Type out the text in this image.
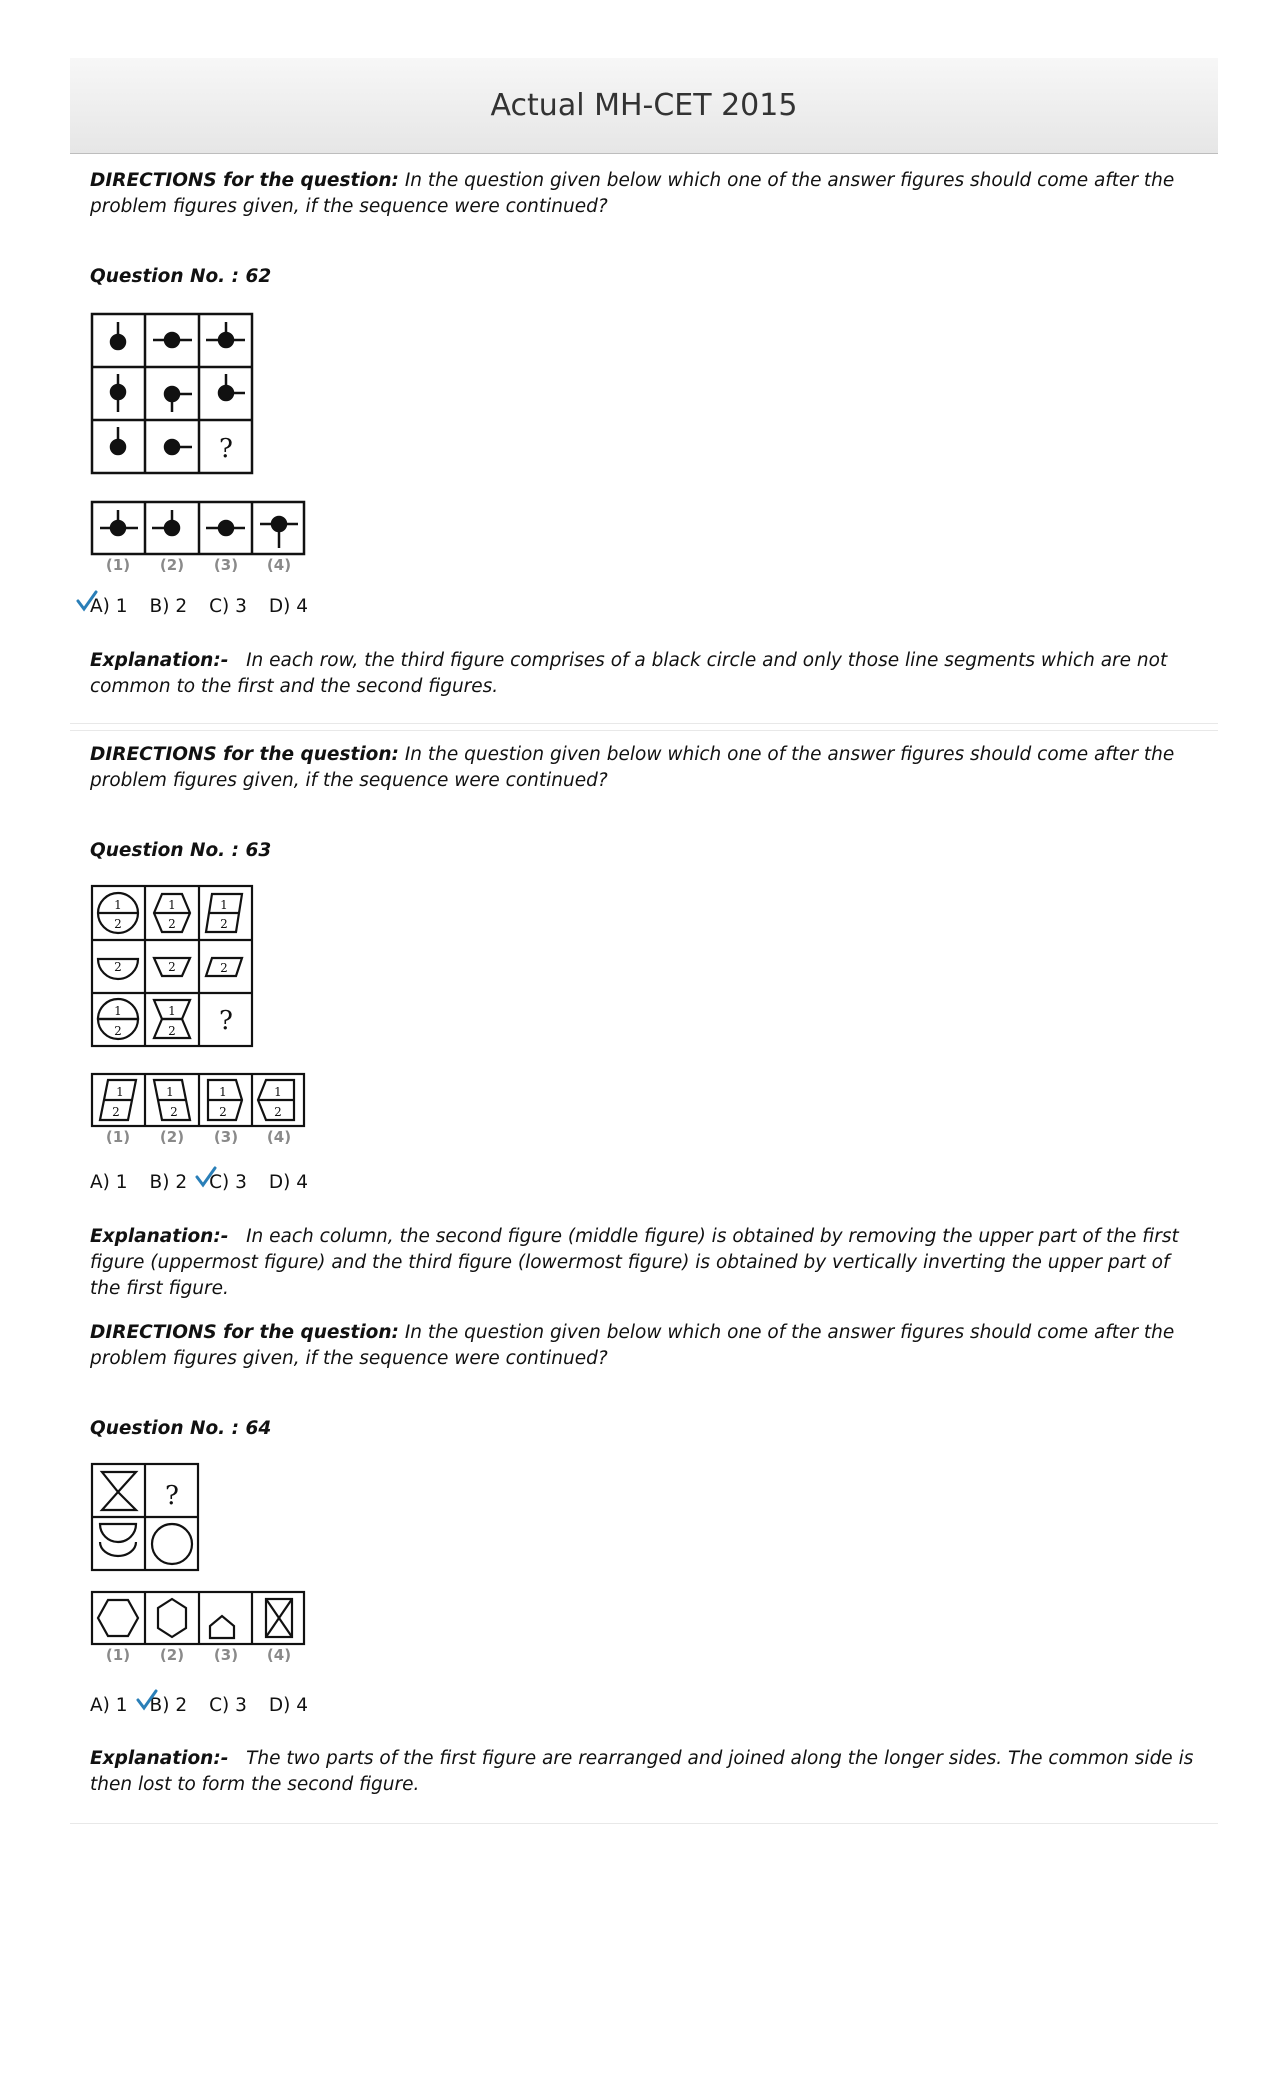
Actual MH-CET 2015

DIRECTIONS for the question: In the question given below which one of the answer figures should come after the problem figures given, if the sequence were continued?

Question No. : 62
?
(1) (2) (3) (4)
A) 1 B) 2 C) 3 D) 4

Explanation:- In each row, the third figure comprises of a black circle and only those line segments which are not common to the first and the second figures.

DIRECTIONS for the question: In the question given below which one of the answer figures should come after the problem figures given, if the sequence were continued?

Question No. : 63
1
2
1
2
1
2
2	2	2
1
2
1
2 ?
1
2
1
2
1
2
1
2
(1) (2) (3) (4)
A) 1 B) 2 C) 3 D) 4

Explanation:- In each column, the second figure (middle figure) is obtained by removing the upper part of the first figure (uppermost figure) and the third figure (lowermost figure) is obtained by vertically inverting the upper part of the first figure.

DIRECTIONS for the question: In the question given below which one of the answer figures should come after the problem figures given, if the sequence were continued?

Question No. : 64
?
(1) (2) (3) (4)
A) 1 B) 2 C) 3 D) 4

Explanation:- The two parts of the first figure are rearranged and joined along the longer sides. The common side is then lost to form the second figure.
